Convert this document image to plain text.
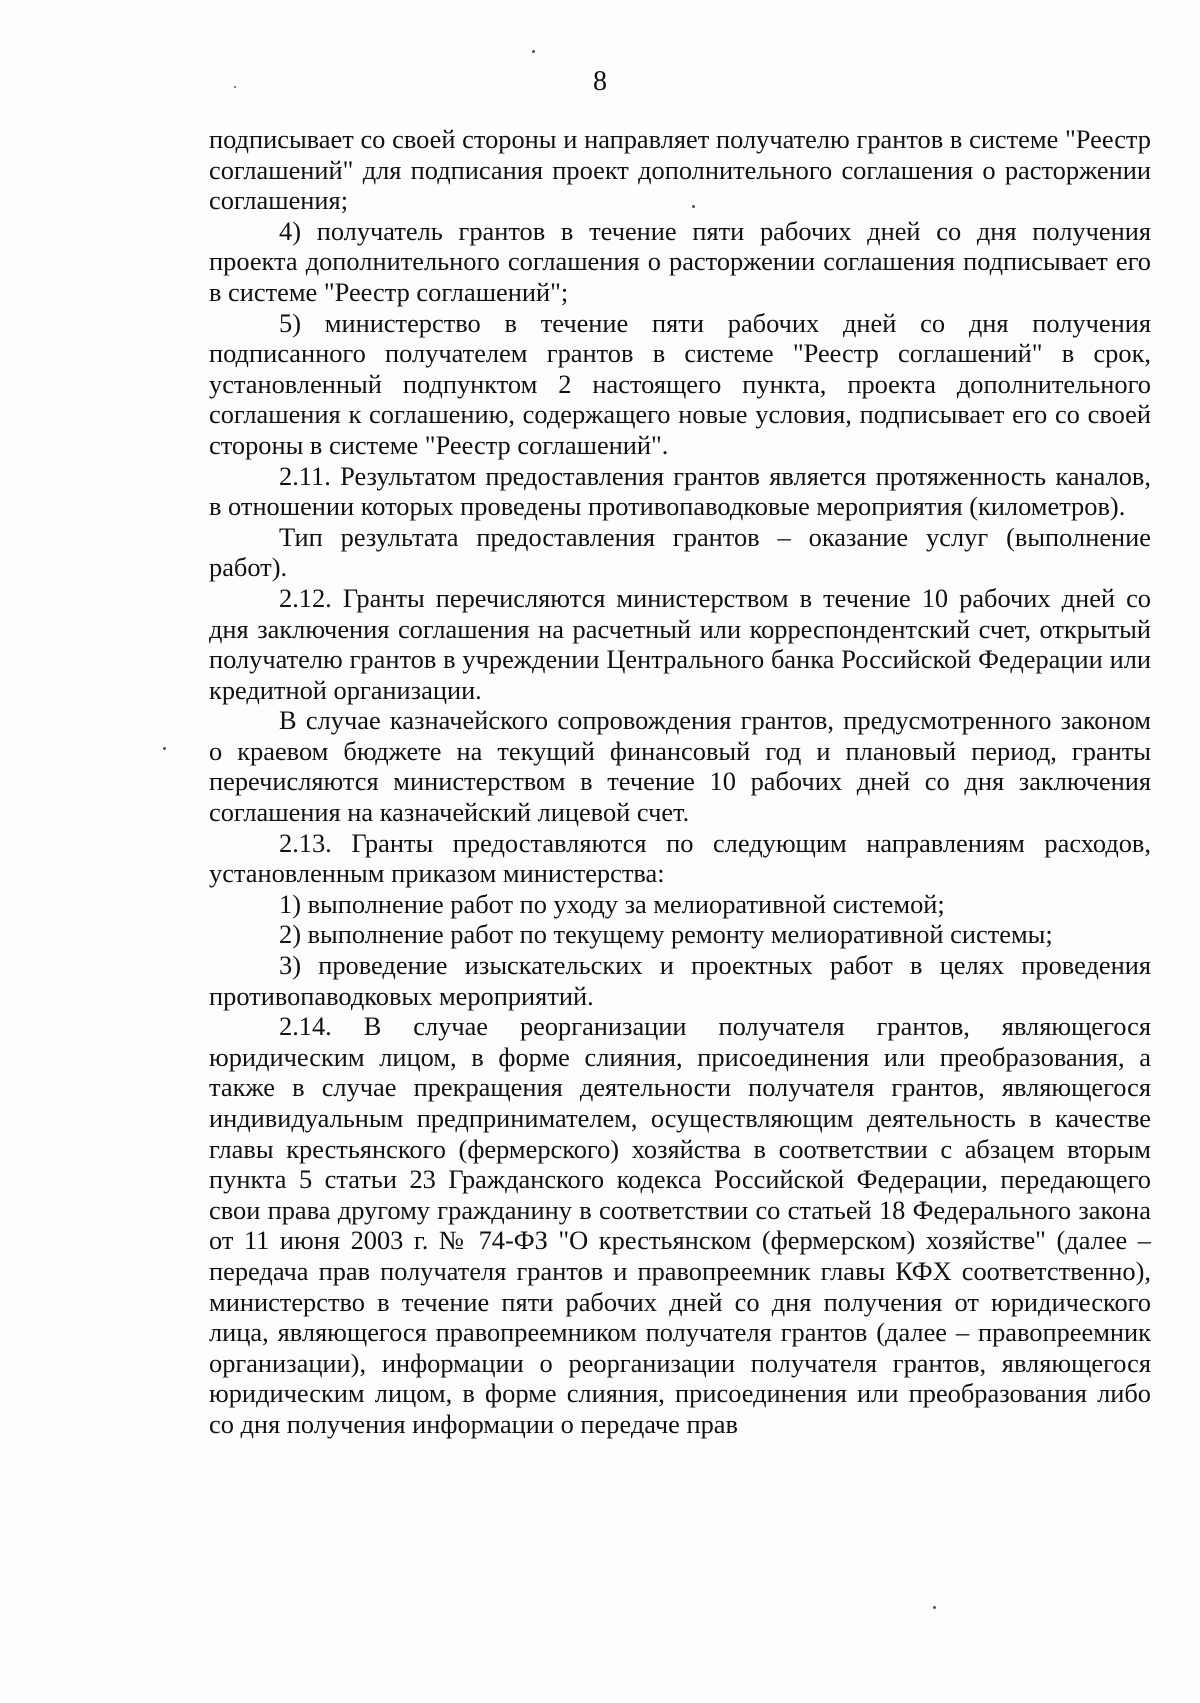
8

подписывает со своей стороны и направляет получателю грантов в системе "Реестр соглашений" для подписания проект дополнительного соглашения о расторжении соглашения;

4) получатель грантов в течение пяти рабочих дней со дня получения проекта дополнительного соглашения о расторжении соглашения подписывает его в системе "Реестр соглашений";

5) министерство в течение пяти рабочих дней со дня получения подписанного получателем грантов в системе "Реестр соглашений" в срок, установленный подпунктом 2 настоящего пункта, проекта дополнительного соглашения к соглашению, содержащего новые условия, подписывает его со своей стороны в системе "Реестр соглашений".

2.11. Результатом предоставления грантов является протяженность каналов, в отношении которых проведены противопаводковые мероприятия (километров).

Тип результата предоставления грантов – оказание услуг (выполнение работ).

2.12. Гранты перечисляются министерством в течение 10 рабочих дней со дня заключения соглашения на расчетный или корреспондентский счет, открытый получателю грантов в учреждении Центрального банка Российской Федерации или кредитной организации.

В случае казначейского сопровождения грантов, предусмотренного законом о краевом бюджете на текущий финансовый год и плановый период, гранты перечисляются министерством в течение 10 рабочих дней со дня заключения соглашения на казначейский лицевой счет.

2.13. Гранты предоставляются по следующим направлениям расходов, установленным приказом министерства:

1) выполнение работ по уходу за мелиоративной системой;

2) выполнение работ по текущему ремонту мелиоративной системы;

3) проведение изыскательских и проектных работ в целях проведения противопаводковых мероприятий.

2.14. В случае реорганизации получателя грантов, являющегося юридическим лицом, в форме слияния, присоединения или преобразования, а также в случае прекращения деятельности получателя грантов, являющегося индивидуальным предпринимателем, осуществляющим деятельность в качестве главы крестьянского (фермерского) хозяйства в соответствии с абзацем вторым пункта 5 статьи 23 Гражданского кодекса Российской Федерации, передающего свои права другому гражданину в соответствии со статьей 18 Федерального закона от 11 июня 2003 г. № 74-ФЗ "О крестьянском (фермерском) хозяйстве" (далее – передача прав получателя грантов и правопреемник главы КФХ соответственно), министерство в течение пяти рабочих дней со дня получения от юридического лица, являющегося правопреемником получателя грантов (далее – правопреемник организации), информации о реорганизации получателя грантов, являющегося юридическим лицом, в форме слияния, присоединения или преобразования либо со дня получения информации о передаче прав
